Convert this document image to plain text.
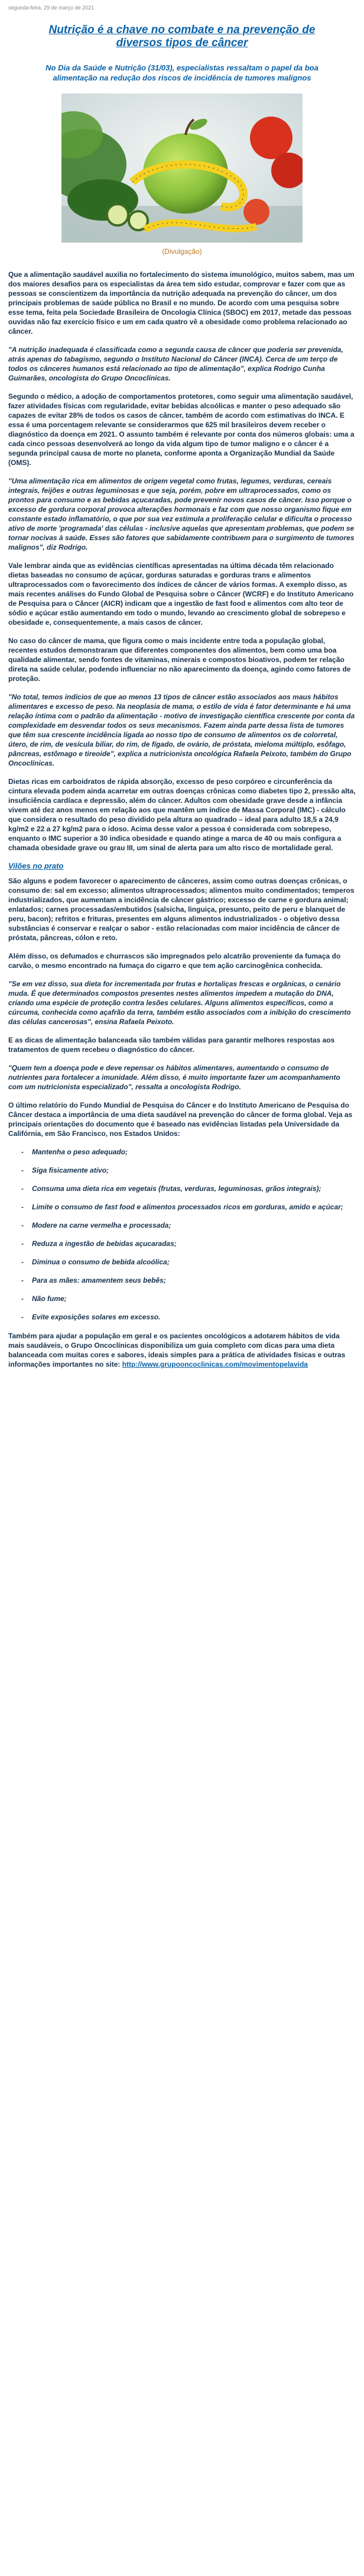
segunda-feira, 29 de março de 2021
Nutrição é a chave no combate e na prevenção de diversos tipos de câncer
No Dia da Saúde e Nutrição (31/03), especialistas ressaltam o papel da boa alimentação na redução dos riscos de incidência de tumores malignos
(Divulgação)

Que a alimentação saudável auxilia no fortalecimento do sistema imunológico, muitos sabem, mas um dos maiores desafios para os especialistas da área tem sido estudar, comprovar e fazer com que as pessoas se conscientizem da importância da nutrição adequada na prevenção do câncer, um dos principais problemas de saúde pública no Brasil e no mundo. De acordo com uma pesquisa sobre esse tema, feita pela Sociedade Brasileira de Oncologia Clínica (SBOC) em 2017, metade das pessoas ouvidas não faz exercício físico e um em cada quatro vê a obesidade como problema relacionado ao câncer.

"A nutrição inadequada é classificada como a segunda causa de câncer que poderia ser prevenida, atrás apenas do tabagismo, segundo o Instituto Nacional do Câncer (INCA). Cerca de um terço de todos os cânceres humanos está relacionado ao tipo de alimentação", explica Rodrigo Cunha Guimarães, oncologista do Grupo Oncoclínicas.

Segundo o médico, a adoção de comportamentos protetores, como seguir uma alimentação saudável, fazer atividades físicas com regularidade, evitar bebidas alcoólicas e manter o peso adequado são capazes de evitar 28% de todos os casos de câncer, também de acordo com estimativas do INCA. E essa é uma porcentagem relevante se considerarmos que 625 mil brasileiros devem receber o diagnóstico da doença em 2021. O assunto também é relevante por conta dos números globais: uma a cada cinco pessoas desenvolverá ao longo da vida algum tipo de tumor maligno e o câncer é a segunda principal causa de morte no planeta, conforme aponta a Organização Mundial da Saúde (OMS).

"Uma alimentação rica em alimentos de origem vegetal como frutas, legumes, verduras, cereais integrais, feijões e outras leguminosas e que seja, porém, pobre em ultraprocessados, como os prontos para consumo e as bebidas açucaradas, pode prevenir novos casos de câncer. Isso porque o excesso de gordura corporal provoca alterações hormonais e faz com que nosso organismo fique em constante estado inflamatório, o que por sua vez estimula a proliferação celular e dificulta o processo ativo de morte 'programada' das células - inclusive aquelas que apresentam problemas, que podem se tornar nocivas à saúde. Esses são fatores que sabidamente contribuem para o surgimento de tumores malignos", diz Rodrigo.

Vale lembrar ainda que as evidências científicas apresentadas na última década têm relacionado dietas baseadas no consumo de açúcar, gorduras saturadas e gorduras trans e alimentos ultraprocessados com o favorecimento dos índices de câncer de vários formas. A exemplo disso, as mais recentes análises do Fundo Global de Pesquisa sobre o Câncer (WCRF) e do Instituto Americano de Pesquisa para o Câncer (AICR) indicam que a ingestão de fast food e alimentos com alto teor de sódio e açúcar estão aumentando em todo o mundo, levando ao crescimento global de sobrepeso e obesidade e, consequentemente, a mais casos de câncer.

No caso do câncer de mama, que figura como o mais incidente entre toda a população global, recentes estudos demonstraram que diferentes componentes dos alimentos, bem como uma boa qualidade alimentar, sendo fontes de vitaminas, minerais e compostos bioativos, podem ter relação direta na saúde celular, podendo influenciar no não aparecimento da doença, agindo como fatores de proteção.

"No total, temos indícios de que ao menos 13 tipos de câncer estão associados aos maus hábitos alimentares e excesso de peso. Na neoplasia de mama, o estilo de vida é fator determinante e há uma relação íntima com o padrão da alimentação - motivo de investigação científica crescente por conta da complexidade em desvendar todos os seus mecanismos. Fazem ainda parte dessa lista de tumores que têm sua crescente incidência ligada ao nosso tipo de consumo de alimentos os de colorretal, útero, de rim, de vesícula biliar, do rim, de fígado, de ovário, de próstata, mieloma múltiplo, esôfago, pâncreas, estômago e tireoide", explica a nutricionista oncológica Rafaela Peixoto, também do Grupo Oncoclínicas.

Dietas ricas em carboidratos de rápida absorção, excesso de peso corpóreo e circunferência da cintura elevada podem ainda acarretar em outras doenças crônicas como diabetes tipo 2, pressão alta, insuficiência cardíaca e depressão, além do câncer. Adultos com obesidade grave desde a infância vivem até dez anos menos em relação aos que mantêm um índice de Massa Corporal (IMC) - cálculo que considera o resultado do peso dividido pela altura ao quadrado – ideal para adulto 18,5 a 24,9 kg/m2 e 22 a 27 kg/m2 para o idoso. Acima desse valor a pessoa é considerada com sobrepeso, enquanto o IMC superior a 30 indica obesidade e quando atinge a marca de 40 ou mais configura a chamada obesidade grave ou grau III, um sinal de alerta para um alto risco de mortalidade geral.

Vilões no prato

São alguns e podem favorecer o aparecimento de cânceres, assim como outras doenças crônicas, o consumo de: sal em excesso; alimentos ultraprocessados; alimentos muito condimentados; temperos industrializados, que aumentam a incidência de câncer gástrico; excesso de carne e gordura animal; enlatados; carnes processadas/embutidos (salsicha, linguiça, presunto, peito de peru e blanquet de peru, bacon); refritos e frituras, presentes em alguns alimentos industrializados - o objetivo dessa substâncias é conservar e realçar o sabor - estão relacionadas com maior incidência de câncer de próstata, pâncreas, cólon e reto.

Além disso, os defumados e churrascos são impregnados pelo alcatrão proveniente da fumaça do carvão, o mesmo encontrado na fumaça do cigarro e que tem ação carcinogênica conhecida.

"Se em vez disso, sua dieta for incrementada por frutas e hortaliças frescas e orgânicas, o cenário muda. É que determinados compostos presentes nestes alimentos impedem a mutação do DNA, criando uma espécie de proteção contra lesões celulares. Alguns alimentos específicos, como a cúrcuma, conhecida como açafrão da terra, também estão associados com a inibição do crescimento das células cancerosas", ensina Rafaela Peixoto.

E as dicas de alimentação balanceada são também válidas para garantir melhores respostas aos tratamentos de quem recebeu o diagnóstico do câncer.

"Quem tem a doença pode e deve repensar os hábitos alimentares, aumentando o consumo de nutrientes para fortalecer a imunidade. Além disso, é muito importante fazer um acompanhamento com um nutricionista especializado", ressalta a oncologista Rodrigo.

O último relatório do Fundo Mundial de Pesquisa do Câncer e do Instituto Americano de Pesquisa do Câncer destaca a importância de uma dieta saudável na prevenção do câncer de forma global. Veja as principais orientações do documento que é baseado nas evidências listadas pela Universidade da Califórnia, em São Francisco, nos Estados Unidos:

- Mantenha o peso adequado;
- Siga fisicamente ativo;
- Consuma uma dieta rica em vegetais (frutas, verduras, leguminosas, grãos integrais);
- Limite o consumo de fast food e alimentos processados ricos em gorduras, amido e açúcar;
- Modere na carne vermelha e processada;
- Reduza a ingestão de bebidas açucaradas;
- Diminua o consumo de bebida alcoólica;
- Para as mães: amamentem seus bebês;
- Não fume;
- Evite exposições solares em excesso.

Também para ajudar a população em geral e os pacientes oncológicos a adotarem hábitos de vida mais saudáveis, o Grupo Oncoclínicas disponibiliza um guia completo com dicas para uma dieta balanceada com muitas cores e sabores, ideais simples para a prática de atividades físicas e outras informações importantes no site: http://www.grupooncoclinicas.com/movimentopelavida
